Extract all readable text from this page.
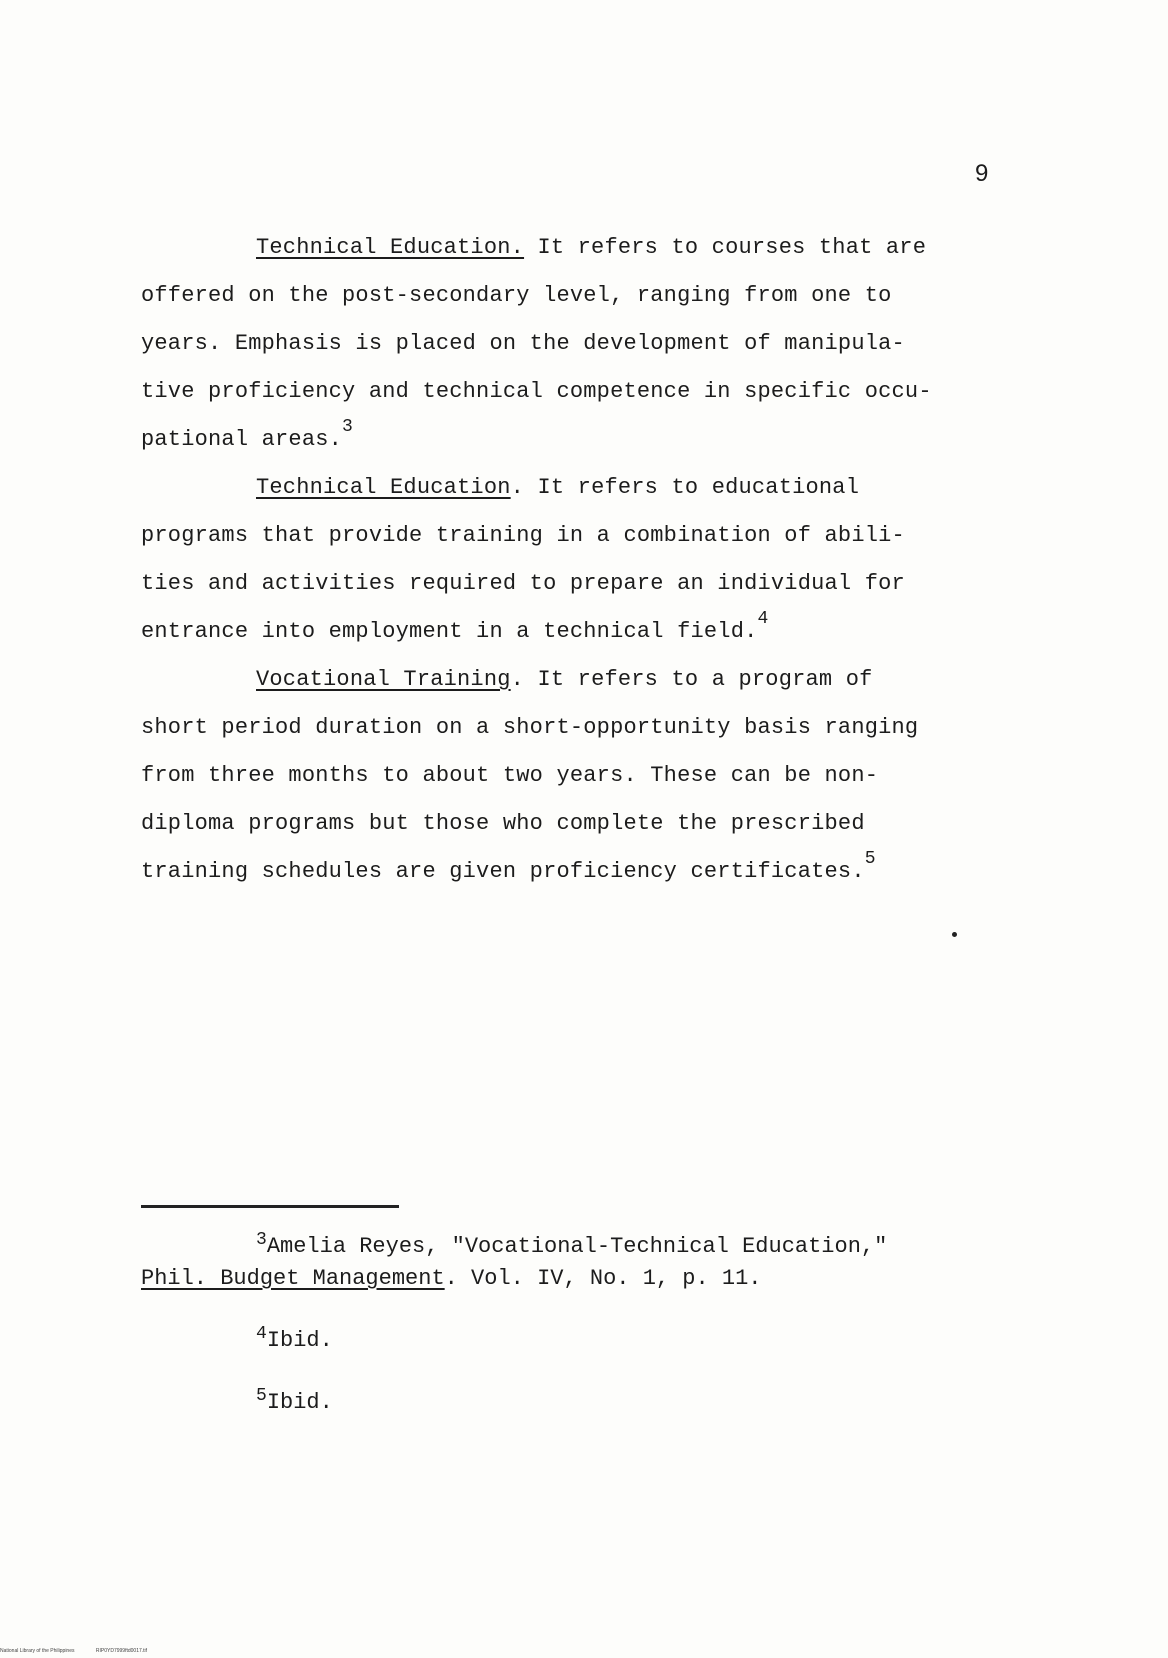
9
Technical Education. It refers to courses that are
offered on the post-secondary level, ranging from one to
years. Emphasis is placed on the development of manipula-
tive proficiency and technical competence in specific occu-
pational areas.$^3$
Technical Education. It refers to educational
programs that provide training in a combination of abili-
ties and activities required to prepare an individual for
entrance into employment in a technical field.$^4$
Vocational Training. It refers to a program of
short period duration on a short-opportunity basis ranging
from three months to about two years. These can be non-
diploma programs but those who complete the prescribed
training schedules are given proficiency certificates.$^5$
$^3$Amelia Reyes, "Vocational-Technical Education,"
Phil. Budget Management. Vol. IV, No. 1, p. 11.
$^4$Ibid.
$^5$Ibid.
National Library of the Philippines	RIP0YD7999ftd0017.tif
